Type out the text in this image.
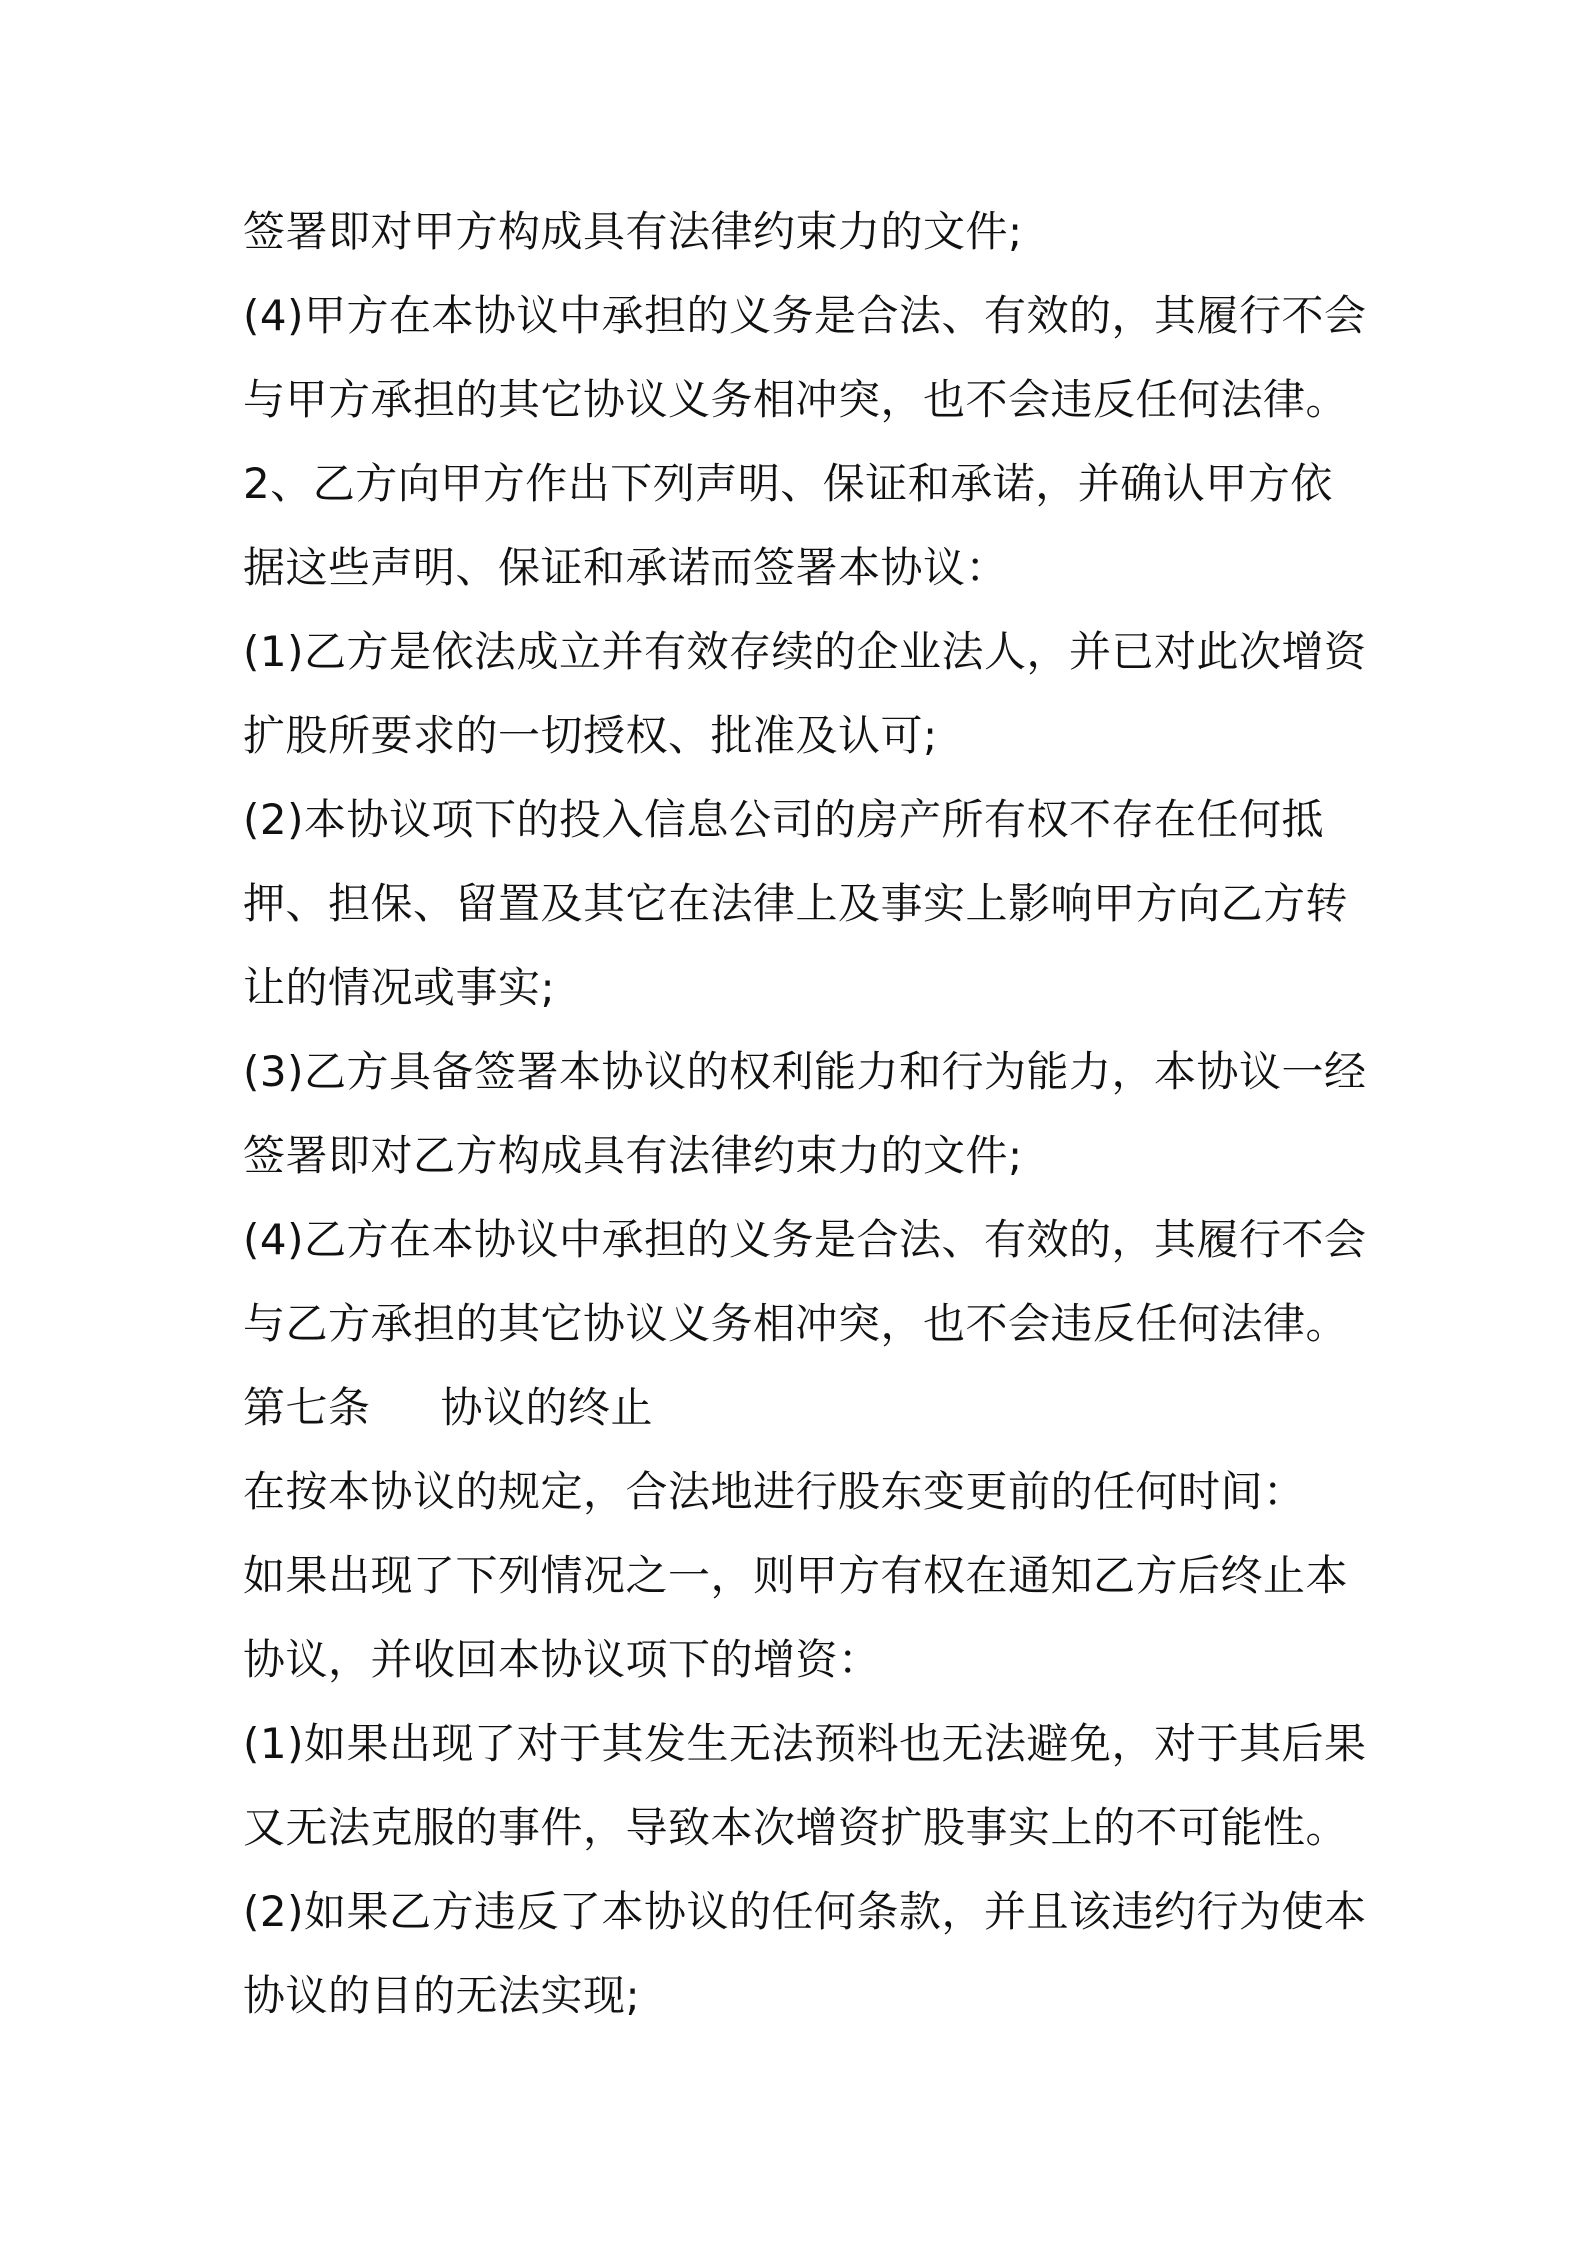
签署即对甲方构成具有法律约束力的文件;
(4)甲方在本协议中承担的义务是合法、有效的，其履行不会
与甲方承担的其它协议义务相冲突，也不会违反任何法律。
2、乙方向甲方作出下列声明、保证和承诺，并确认甲方依
据这些声明、保证和承诺而签署本协议：
(1)乙方是依法成立并有效存续的企业法人，并已对此次增资
扩股所要求的一切授权、批准及认可;
(2)本协议项下的投入信息公司的房产所有权不存在任何抵
押、担保、留置及其它在法律上及事实上影响甲方向乙方转
让的情况或事实;
(3)乙方具备签署本协议的权利能力和行为能力，本协议一经
签署即对乙方构成具有法律约束力的文件;
(4)乙方在本协议中承担的义务是合法、有效的，其履行不会
与乙方承担的其它协议义务相冲突，也不会违反任何法律。
第七条 协议的终止
在按本协议的规定，合法地进行股东变更前的任何时间：
如果出现了下列情况之一，则甲方有权在通知乙方后终止本
协议，并收回本协议项下的增资：
(1)如果出现了对于其发生无法预料也无法避免，对于其后果
又无法克服的事件，导致本次增资扩股事实上的不可能性。
(2)如果乙方违反了本协议的任何条款，并且该违约行为使本
协议的目的无法实现;
